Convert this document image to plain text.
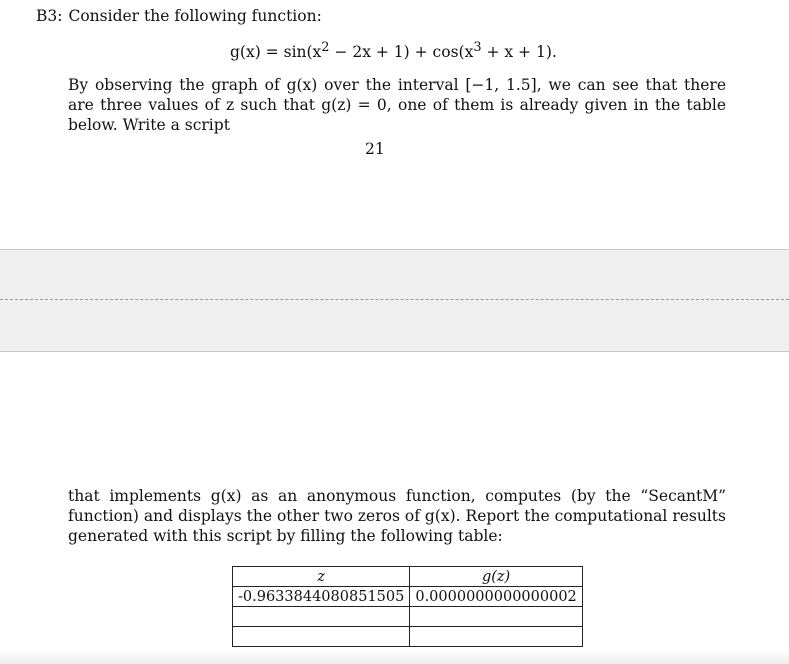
B3: Consider the following function:
$g(x) = \sin(x^2 - 2x + 1) + \cos(x^3 + x + 1)$.
By observing the graph of g(x) over the interval [−1, 1.5], we can see that there are three values of z such that g(z) = 0, one of them is already given in the table below. Write a script
21
that implements g(x) as an anonymous function, computes (by the “SecantM” function) and displays the other two zeros of g(x). Report the computational results generated with this script by filling the following table:
z	g(z)
-0.9633844080851505	0.0000000000000002
